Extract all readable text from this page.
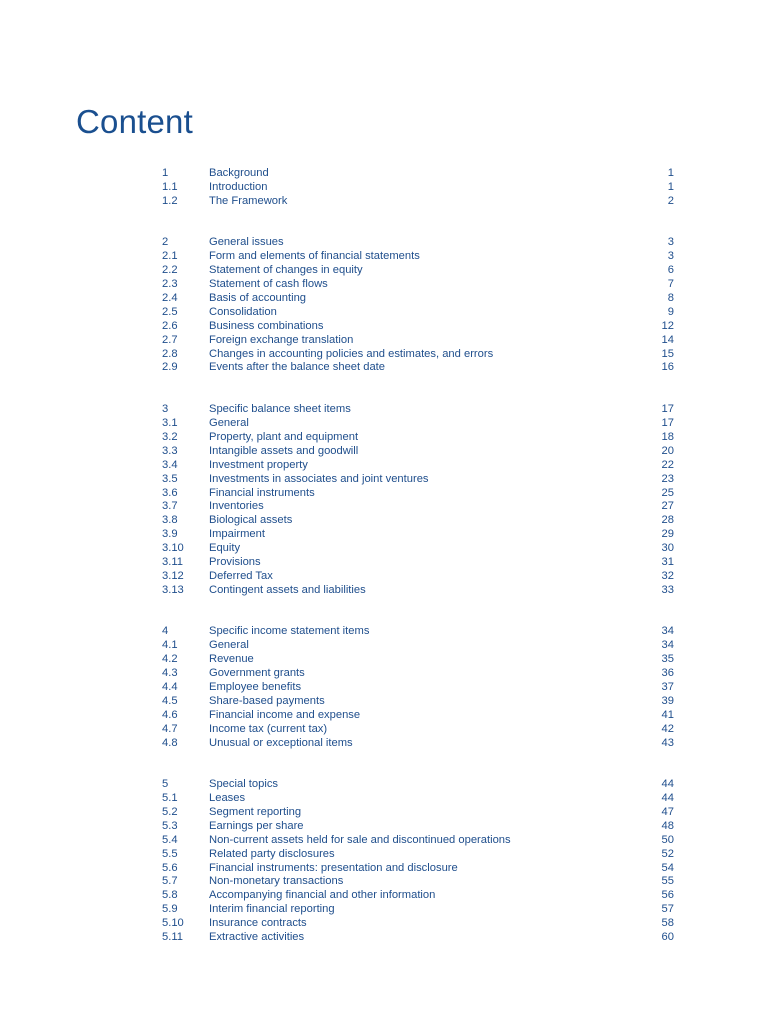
Content
1	Background	1
1.1	Introduction	1
1.2	The Framework	2
2	General issues	3
2.1	Form and elements of financial statements	3
2.2	Statement of changes in equity	6
2.3	Statement of cash flows	7
2.4	Basis of accounting	8
2.5	Consolidation	9
2.6	Business combinations	12
2.7	Foreign exchange translation	14
2.8	Changes in accounting policies and estimates, and errors	15
2.9	Events after the balance sheet date	16
3	Specific balance sheet items	17
3.1	General	17
3.2	Property, plant and equipment	18
3.3	Intangible assets and goodwill	20
3.4	Investment property	22
3.5	Investments in associates and joint ventures	23
3.6	Financial instruments	25
3.7	Inventories	27
3.8	Biological assets	28
3.9	Impairment	29
3.10	Equity	30
3.11	Provisions	31
3.12	Deferred Tax	32
3.13	Contingent assets and liabilities	33
4	Specific income statement items	34
4.1	General	34
4.2	Revenue	35
4.3	Government grants	36
4.4	Employee benefits	37
4.5	Share-based payments	39
4.6	Financial income and expense	41
4.7	Income tax (current tax)	42
4.8	Unusual or exceptional items	43
5	Special topics	44
5.1	Leases	44
5.2	Segment reporting	47
5.3	Earnings per share	48
5.4	Non-current assets held for sale and discontinued operations	50
5.5	Related party disclosures	52
5.6	Financial instruments: presentation and disclosure	54
5.7	Non-monetary transactions	55
5.8	Accompanying financial and other information	56
5.9	Interim financial reporting	57
5.10	Insurance contracts	58
5.11	Extractive activities	60
